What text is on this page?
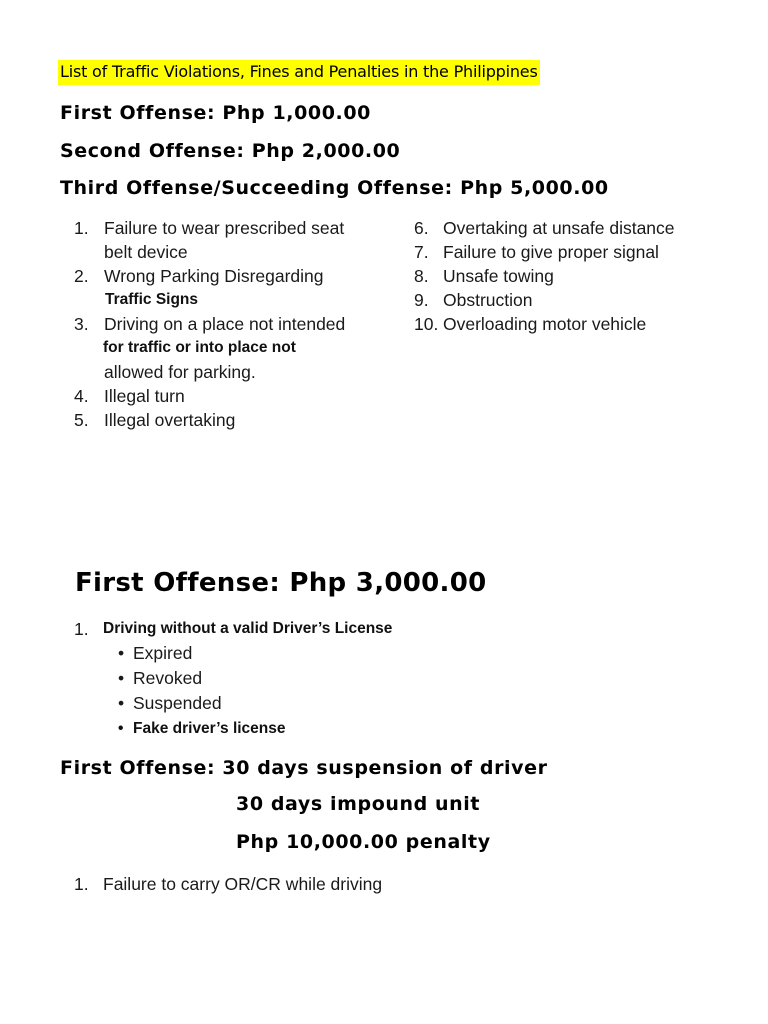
List of Traffic Violations, Fines and Penalties in the Philippines
First Offense: Php 1,000.00
Second Offense: Php 2,000.00
Third Offense/Succeeding Offense: Php 5,000.00
1. Failure to wear prescribed seat
belt device
2. Wrong Parking Disregarding
Traffic Signs
3. Driving on a place not intended
for traffic or into place not
allowed for parking.
4. Illegal turn
5. Illegal overtaking
6. Overtaking at unsafe distance
7. Failure to give proper signal
8. Unsafe towing
9. Obstruction
10. Overloading motor vehicle
First Offense: Php 3,000.00
1. Driving without a valid Driver’s License
• Expired
• Revoked
• Suspended
• Fake driver’s license
First Offense: 30 days suspension of driver
30 days impound unit
Php 10,000.00 penalty
1. Failure to carry OR/CR while driving
